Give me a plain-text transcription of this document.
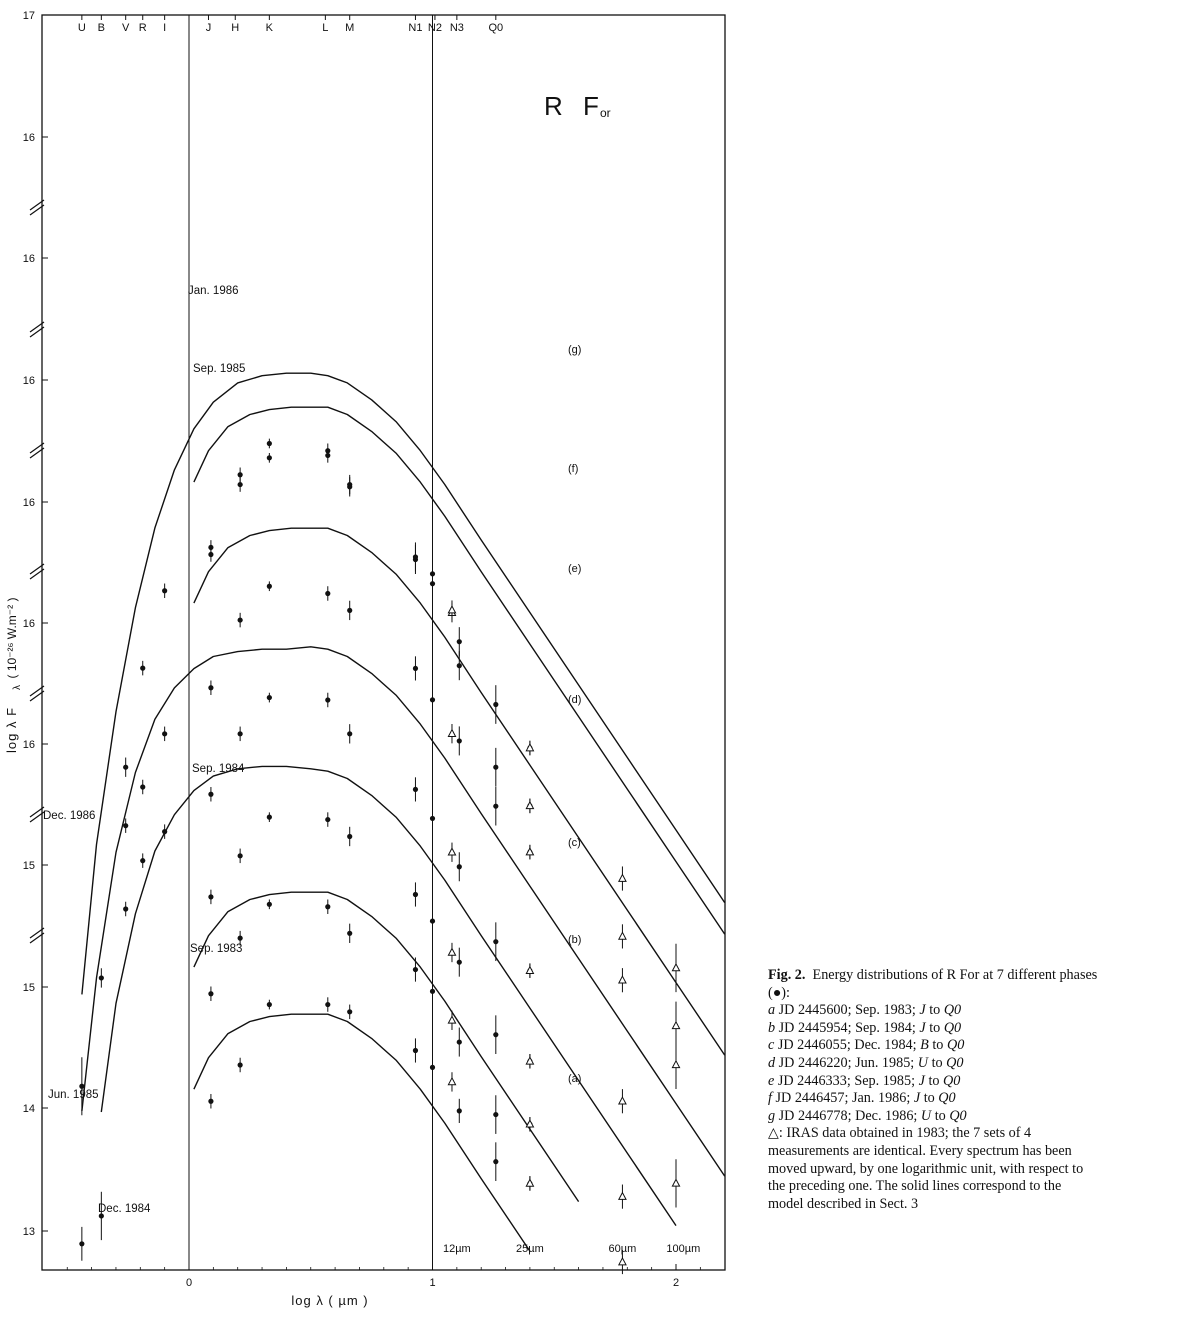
17
16
16
16
16
16
16
15
15
14
13
0	1	2
U B V R I	J H K	L M	N1 N2 N3 Q0
12µm	25µm	60µm	100µm
(a)
(b)
(c)
(d)
(e)
(f)
(g)
Sep. 1983
Sep. 1984
Dec. 1984
Jun. 1985
Sep. 1985
Jan. 1986
Dec. 1986
R F or
log λ ( µm )
log λ F
λ
( 10⁻²⁶ W.m⁻² )
Fig. 2. Energy distributions of R For at 7 different phases
(●):
a JD 2445600; Sep. 1983; J to Q0
b JD 2445954; Sep. 1984; J to Q0
c JD 2446055; Dec. 1984; B to Q0
d JD 2446220; Jun. 1985; U to Q0
e JD 2446333; Sep. 1985; J to Q0
f JD 2446457; Jan. 1986; J to Q0
g JD 2446778; Dec. 1986; U to Q0
△: IRAS data obtained in 1983; the 7 sets of 4
measurements are identical. Every spectrum has been
moved upward, by one logarithmic unit, with respect to
the preceding one. The solid lines correspond to the
model described in Sect. 3
